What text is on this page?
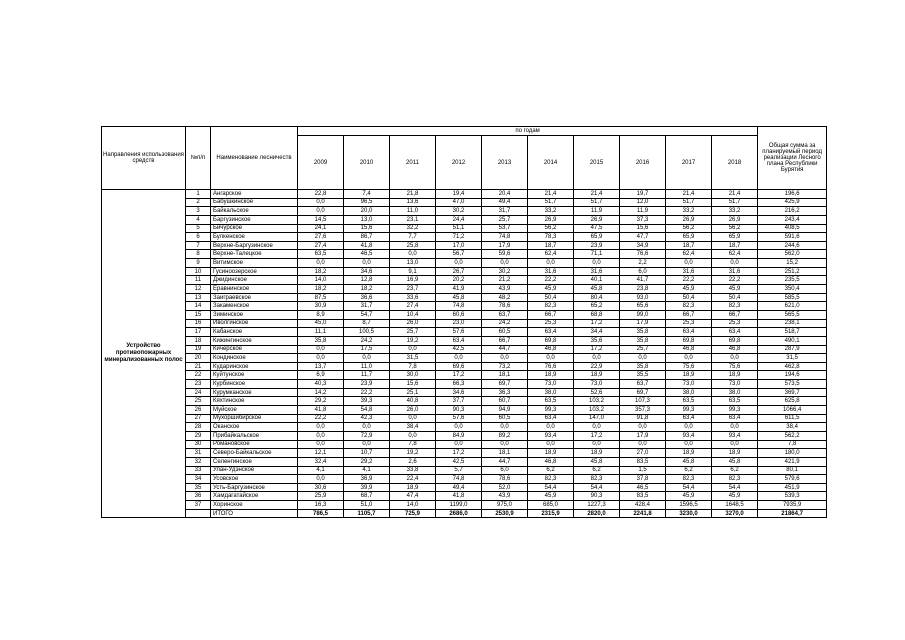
Направления использования средств	№п/п	Наименование лесничеств	по годам										Общая сумма за планируемый период реализации Лесного плана Республики Бурятия
			2009	2010	2011	2012	2013	2014	2015	2016	2017	2018	
Устройство противопожарных минерализованных полос	1	Ангарское	22,8	7,4	21,8	19,4	20,4	21,4	21,4	19,7	21,4	21,4	196,6
	2	Бабушкинское	0,0	96,5	13,6	47,0	49,4	51,7	51,7	12,0	51,7	51,7	425,9
	3	Байкальское	0,0	20,0	11,0	30,2	31,7	33,2	11,9	11,9	33,2	33,2	216,2
	4	Баргузинское	14,5	13,0	23,1	24,4	25,7	26,9	26,9	37,3	26,9	26,9	243,4
	5	Бичурское	24,1	15,6	32,2	51,1	53,7	56,2	47,5	15,6	56,2	56,2	408,5
	6	Булкенское	27,6	86,7	7,7	71,2	74,8	78,3	65,9	47,7	65,9	65,9	591,6
	7	Верхне-Баргузинское	27,4	41,8	25,8	17,0	17,9	18,7	23,9	34,9	18,7	18,7	244,6
	8	Верхне-Талецкое	63,5	46,5	0,0	56,7	59,6	62,4	71,1	76,6	62,4	62,4	562,0
	9	Витимское	0,0	0,0	13,0	0,0	0,0	0,0	0,0	2,2	0,0	0,0	15,2
	10	Гусиноозерское	18,2	34,6	9,1	26,7	30,2	31,6	31,6	6,0	31,6	31,6	251,2
	11	Джидинское	14,0	12,8	16,9	20,2	21,2	22,2	40,1	41,7	22,2	22,2	235,5
	12	Еравнинское	18,2	18,2	23,7	41,9	43,9	45,9	45,8	23,8	45,9	45,9	350,4
	13	Заиграевское	87,5	36,6	33,6	45,8	48,2	50,4	80,4	93,0	50,4	50,4	585,5
	14	Закаменское	30,9	31,7	27,4	74,8	78,6	82,3	65,2	65,6	82,3	82,3	621,0
	15	Зиминское	8,9	54,7	10,4	60,6	63,7	66,7	68,8	99,0	66,7	66,7	565,5
	16	Иволгинское	45,0	8,7	26,0	23,0	24,2	25,3	17,2	17,9	25,3	25,3	238,1
	17	Кабанское	11,1	100,5	25,7	57,6	60,5	63,4	34,4	35,8	63,4	63,4	518,7
	18	Кижингинское	35,8	24,2	19,2	63,4	66,7	69,8	35,6	35,8	69,8	69,8	490,1
	19	Кичерское	0,0	17,5	0,0	42,5	44,7	46,8	17,2	25,7	46,8	46,8	287,9
	20	Кондинское	0,0	0,0	31,5	0,0	0,0	0,0	0,0	0,0	0,0	0,0	31,5
	21	Кударинское	13,7	11,0	7,8	69,6	73,2	76,6	22,9	35,8	75,6	75,6	462,8
	22	Куйтунское	6,9	11,7	30,0	17,2	18,1	18,9	18,9	35,5	18,9	18,9	194,6
	23	Курбинское	40,3	23,9	15,6	66,3	69,7	73,0	73,0	63,7	73,0	73,0	573,5
	24	Курумканское	14,2	22,2	25,1	34,6	36,3	38,0	52,6	69,7	38,0	38,0	369,7
	25	Кяхтинское	29,2	39,3	40,8	37,7	60,7	63,5	103,2	107,3	63,5	63,5	625,8
	26	Муйское	41,8	54,8	26,0	90,3	94,9	99,3	103,2	357,3	99,3	99,3	1066,4
	27	Мухоршибирское	22,2	42,3	0,0	57,6	60,5	63,4	147,0	91,8	63,4	63,4	611,5
	28	Оканское	0,0	0,0	38,4	0,0	0,0	0,0	0,0	0,0	0,0	0,0	38,4
	29	Прибайкальское	0,0	72,9	0,0	84,9	89,2	93,4	17,2	17,9	93,4	93,4	562,2
	30	Романовское	0,0	0,0	7,8	0,0	0,0	0,0	0,0	0,0	0,0	0,0	7,8
	31	Северо-Байкальское	12,1	10,7	19,2	17,2	18,1	18,9	18,9	27,0	18,9	18,9	180,0
	32	Селенгинское	32,4	29,2	2,6	42,5	44,7	46,8	45,8	83,5	45,8	45,8	421,9
	33	Улан-Удэнское	4,1	4,1	33,8	5,7	6,0	6,2	6,2	1,5	6,2	6,2	80,1
	34	Усовское	0,0	36,9	22,4	74,8	78,6	82,3	82,3	37,8	82,3	82,3	579,6
	35	Усть-Баргузинское	30,6	39,9	18,9	49,4	52,0	54,4	54,4	46,5	54,4	54,4	451,9
	36	Хамдагатайское	25,9	68,7	47,4	41,8	43,9	45,9	90,3	83,5	45,9	45,9	539,3
	37	Хоринское	16,3	51,0	14,0	1199,0	975,0	685,0	1227,3	428,4	1596,5	1648,5	7935,9
		ИТОГО	786,5	1105,7	725,9	2686,0	2530,9	2315,9	2820,0	2241,8	3230,0	3270,0	21864,7
